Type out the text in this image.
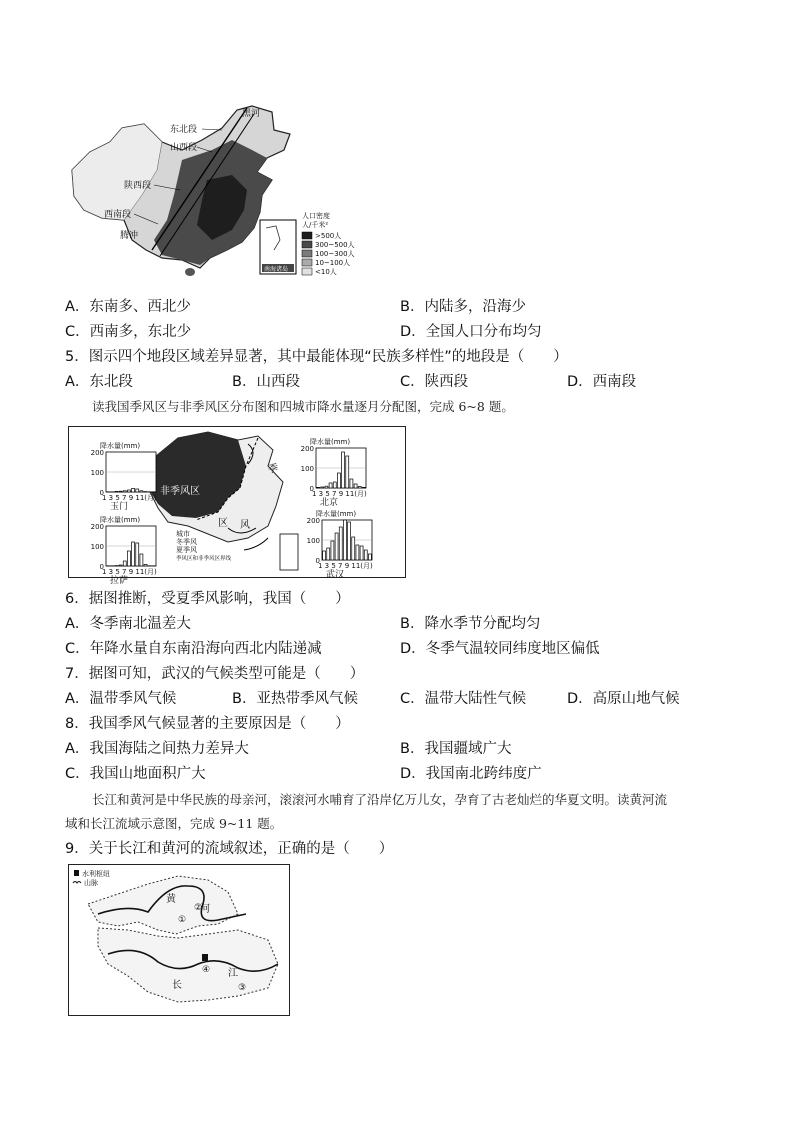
黑河
东北段
山西段
陕西段
西南段
腾冲
南海诸岛
人口密度
人/千米²
>500人
300~500人
100~300人
10~100人
<10人
A．东南多、西北少	B．内陆多，沿海少
C．西南多，东北少	D．全国人口分布均匀
5．图示四个地段区域差异显著，其中最能体现“民族多样性”的地段是（　　）
A．东北段	B．山西段	C．陕西段	D．西南段
读我国季风区与非季风区分布图和四城市降水量逐月分配图，完成 6~8 题。
非季风区
季
风
区
城市
冬季风
夏季风
季风区和非季风区界线
降水量(mm)
200
100
0
1 3 5 7 9 11(月)
玉门
降水量(mm)
200
100
0
1 3 5 7 9 11(月)
拉萨
降水量(mm)
200
100
0
1 3 5 7 9 11(月)
北京
降水量(mm)
200
100
0
1 3 5 7 9 11(月)
武汉
6．据图推断，受夏季风影响，我国（　　）
A．冬季南北温差大	B．降水季节分配均匀
C．年降水量自东南沿海向西北内陆递减	D．冬季气温较同纬度地区偏低
7．据图可知，武汉的气候类型可能是（　　）
A．温带季风气候	B．亚热带季风气候	C．温带大陆性气候	D．高原山地气候
8．我国季风气候显著的主要原因是（　　）
A．我国海陆之间热力差异大	B．我国疆域广大
C．我国山地面积广大	D．我国南北跨纬度广
长江和黄河是中华民族的母亲河，滚滚河水哺育了沿岸亿万儿女，孕育了古老灿烂的华夏文明。读黄河流
域和长江流域示意图，完成 9~11 题。
9．关于长江和黄河的流域叙述，正确的是（　　）
水利枢纽
山脉
黄
河
长
江
①
②
③
④
